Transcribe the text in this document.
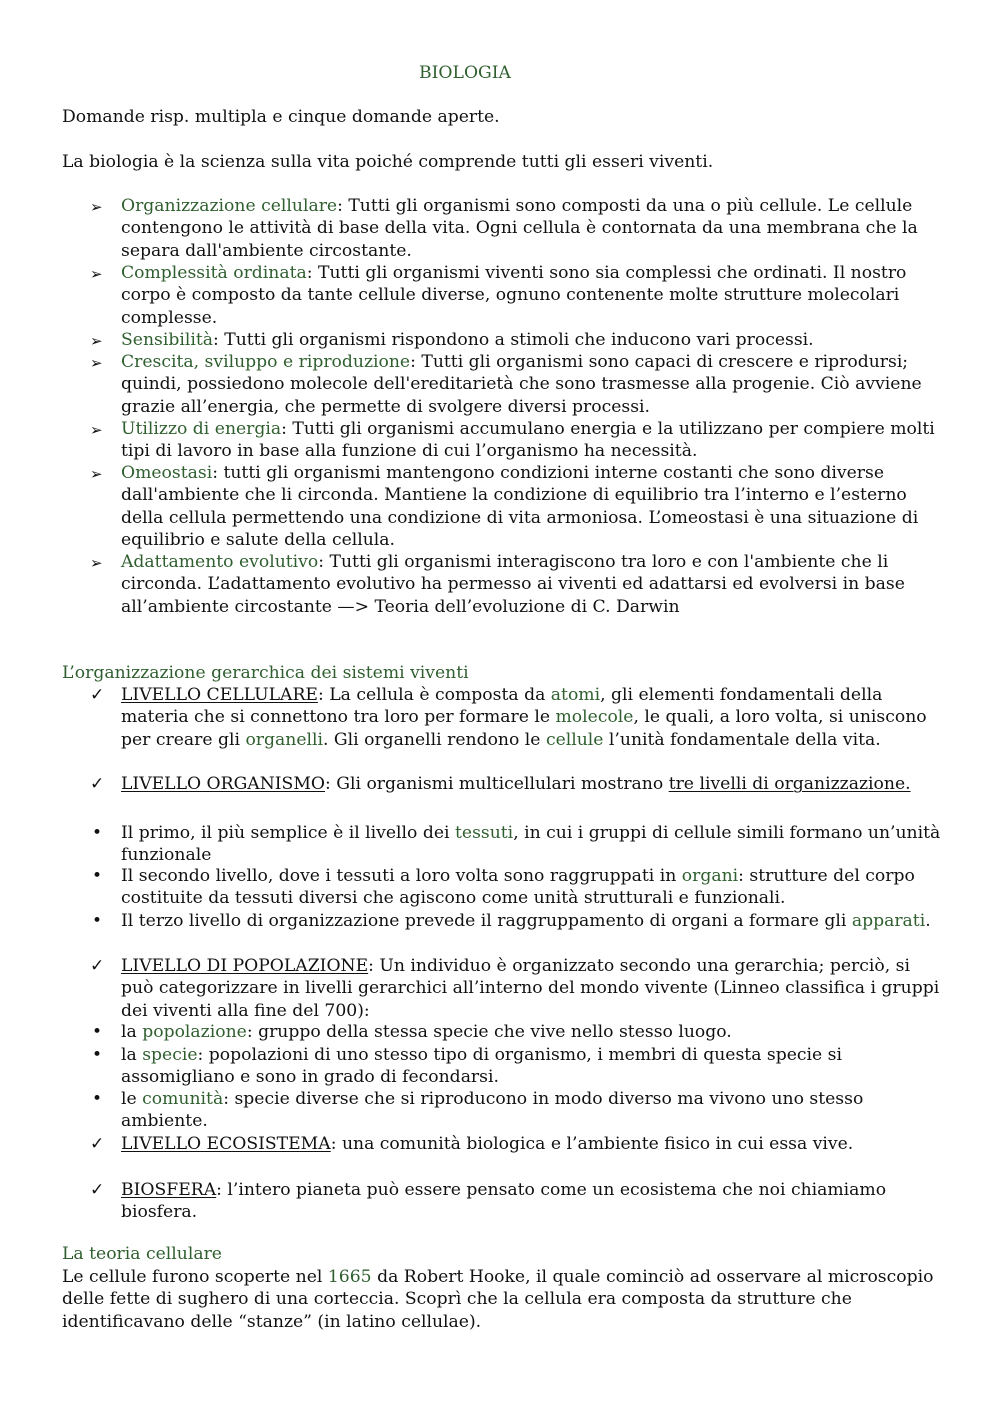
BIOLOGIA
Domande risp. multipla e cinque domande aperte.
La biologia è la scienza sulla vita poiché comprende tutti gli esseri viventi.
➢	Organizzazione cellulare: Tutti gli organismi sono composti da una o più cellule. Le cellule contengono le attività di base della vita. Ogni cellula è contornata da una membrana che la separa dall'ambiente circostante.
➢	Complessità ordinata: Tutti gli organismi viventi sono sia complessi che ordinati. Il nostro corpo è composto da tante cellule diverse, ognuno contenente molte strutture molecolari complesse.
➢	Sensibilità: Tutti gli organismi rispondono a stimoli che inducono vari processi.
➢	Crescita, sviluppo e riproduzione: Tutti gli organismi sono capaci di crescere e riprodursi; quindi, possiedono molecole dell'ereditarietà che sono trasmesse alla progenie. Ciò avviene grazie all’energia, che permette di svolgere diversi processi.
➢	Utilizzo di energia: Tutti gli organismi accumulano energia e la utilizzano per compiere molti tipi di lavoro in base alla funzione di cui l’organismo ha necessità.
➢	Omeostasi: tutti gli organismi mantengono condizioni interne costanti che sono diverse dall'ambiente che li circonda. Mantiene la condizione di equilibrio tra l’interno e l’esterno della cellula permettendo una condizione di vita armoniosa. L’omeostasi è una situazione di equilibrio e salute della cellula.
➢	Adattamento evolutivo: Tutti gli organismi interagiscono tra loro e con l'ambiente che li circonda. L’adattamento evolutivo ha permesso ai viventi ed adattarsi ed evolversi in base all’ambiente circostante —> Teoria dell’evoluzione di C. Darwin
L’organizzazione gerarchica dei sistemi viventi
✓ LIVELLO CELLULARE: La cellula è composta da atomi, gli elementi fondamentali della materia che si connettono tra loro per formare le molecole, le quali, a loro volta, si uniscono per creare gli organelli. Gli organelli rendono le cellule l’unità fondamentale della vita.
✓ LIVELLO ORGANISMO: Gli organismi multicellulari mostrano tre livelli di organizzazione.
•	Il primo, il più semplice è il livello dei tessuti, in cui i gruppi di cellule simili formano un’unità funzionale
•	Il secondo livello, dove i tessuti a loro volta sono raggruppati in organi: strutture del corpo costituite da tessuti diversi che agiscono come unità strutturali e funzionali.
•	Il terzo livello di organizzazione prevede il raggruppamento di organi a formare gli apparati.
✓ LIVELLO DI POPOLAZIONE: Un individuo è organizzato secondo una gerarchia; perciò, si può categorizzare in livelli gerarchici all’interno del mondo vivente (Linneo classifica i gruppi dei viventi alla fine del 700):
•	la popolazione: gruppo della stessa specie che vive nello stesso luogo.
•	la specie: popolazioni di uno stesso tipo di organismo, i membri di questa specie si assomigliano e sono in grado di fecondarsi.
•	le comunità: specie diverse che si riproducono in modo diverso ma vivono uno stesso ambiente.
✓ LIVELLO ECOSISTEMA: una comunità biologica e l’ambiente fisico in cui essa vive.
✓ BIOSFERA: l’intero pianeta può essere pensato come un ecosistema che noi chiamiamo biosfera.
La teoria cellulare
Le cellule furono scoperte nel 1665 da Robert Hooke, il quale cominciò ad osservare al microscopio delle fette di sughero di una corteccia. Scoprì che la cellula era composta da strutture che identificavano delle “stanze” (in latino cellulae).
